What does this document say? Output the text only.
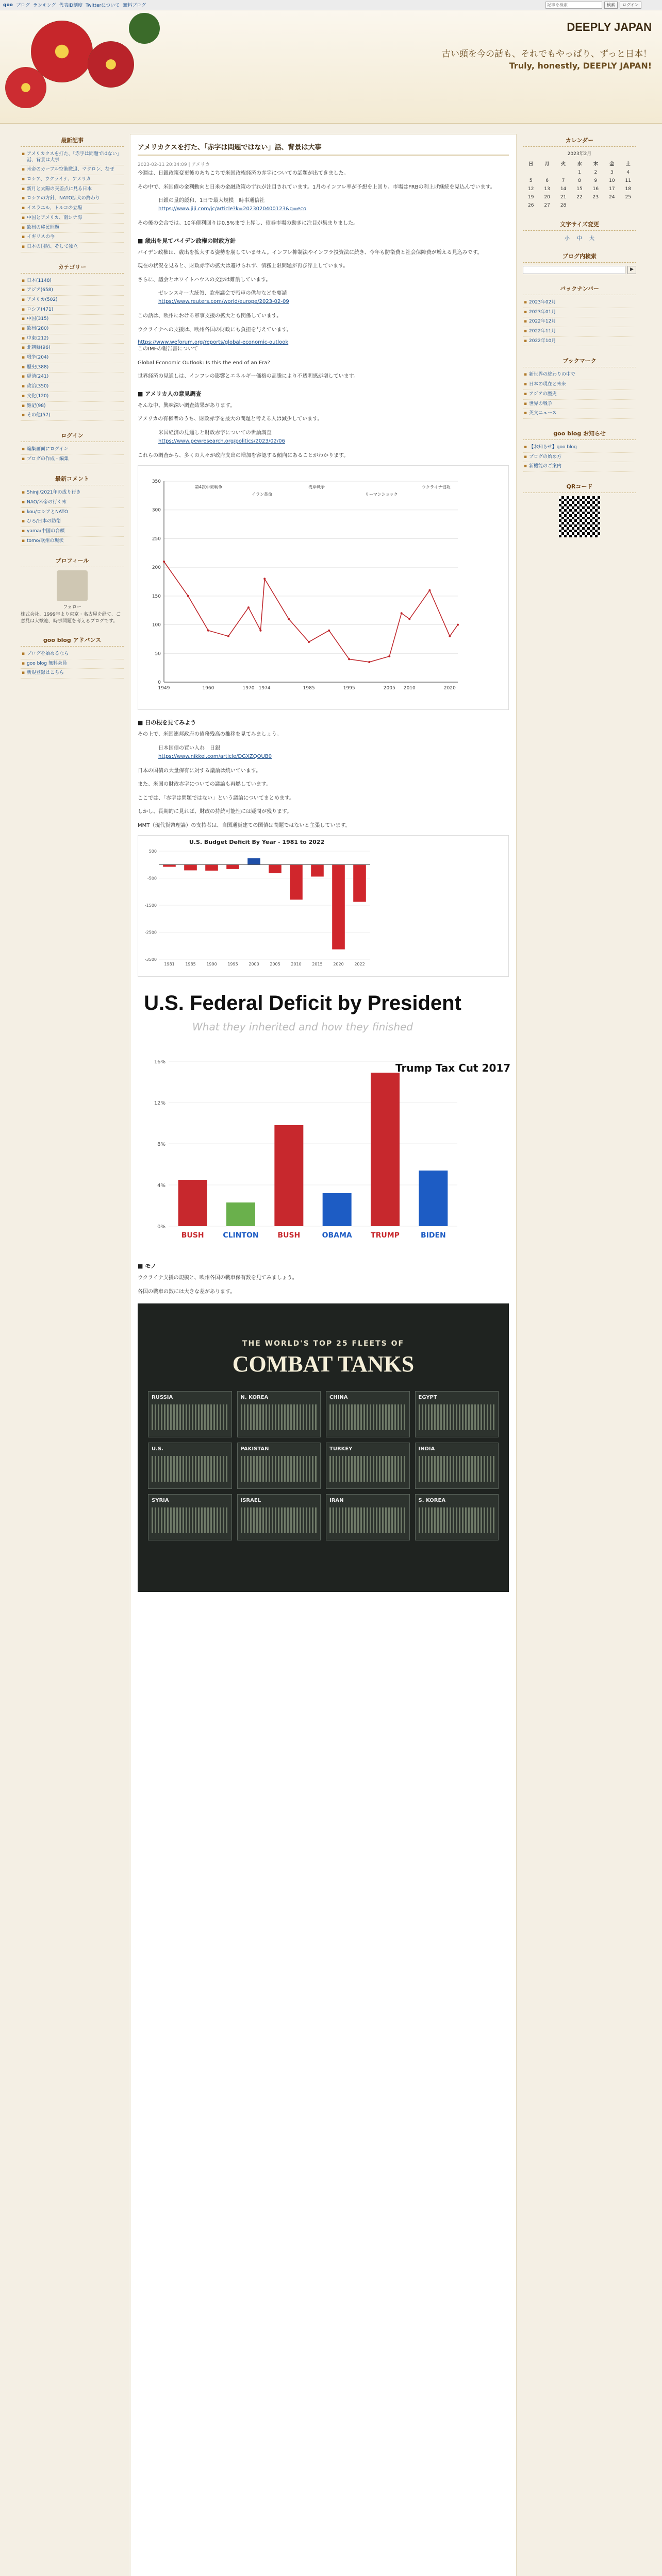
goo ブログ ランキング 代表ID制度 Twitterについて 無料ブログ
記事を検索	検索	ログイン
DEEPLY JAPAN
古い頭を今の話も、それでもやっぱり、ずっと日本！
Truly, honestly, DEEPLY JAPAN!
最新記事
▪ アメリカクスを打た、「赤字は問題ではない」話、背景は大事
▪ 米帝のカーブル空港撤退、マクロン、なぜ
▪ ロシア、ウクライナ、アメリカ
▪ 新月と太陽の交差点に見る日本
▪ ロシアの方針、NATO拡大の終わり
▪ イスラエル、トルコの立場
▪ 中国とアメリカ、南シナ海
▪ 欧州の移民問題
▪ イギリスの今
▪ 日本の国防、そして独立
カテゴリー
▪ 日本(1148)
▪ アジア(658)
▪ アメリカ(502)
▪ ロシア(471)
▪ 中国(315)
▪ 欧州(280)
▪ 中東(212)
▪ 北朝鮮(96)
▪ 戦争(204)
▪ 歴史(388)
▪ 経済(241)
▪ 政治(350)
▪ 文化(120)
▪ 雑記(98)
▪ その他(57)
ログイン
▪ 編集画面にログイン
▪ ブログの作成・編集
最新コメント
▪ Shinji/2021年の成り行き
▪ NAO/米帝の行く末
▪ kou/ロシアとNATO
▪ ひろ/日本の防衛
▪ yama/中国の台頭
▪ tomo/欧州の現状
プロフィール
フォロー
株式会社、1999年より東京・名古屋を経て、ご意見は大歓迎、時事問題を考えるブログです。
goo blog アドバンス
▪ ブログを始めるなら
▪ goo blog 無料会員
▪ 新規登録はこちら
アメリカクスを打た、「赤字は問題ではない」話、背景は大事
2023-02-11 20:34:09 | アメリカ

今週は、日銀政策変更後のあちこちで米国政権経済の赤字についての話題が出てきました。

その中で、米国債の金利動向と日米の金融政策のずれが注目されています。1月のインフレ率が予想を上回り、市場はFRBの利上げ継続を見込んでいます。

日銀の量的緩和、1日で最大規模　時事通信社
https://www.jiji.com/jc/article?k=2023020400123&g=eco

その後の会合では、10年債利回りは0.5%まで上昇し、債券市場の動きに注目が集まりました。

■ 歳出を見てバイデン政権の財政方針

バイデン政権は、歳出を拡大する姿勢を崩していません。インフレ抑制法やインフラ投資法に続き、今年も防衛費と社会保障費が増える見込みです。

現在の状況を見ると、財政赤字の拡大は避けられず、債務上限問題が再び浮上しています。

さらに、議会とホワイトハウスの交渉は難航しています。

ゼレンスキー大統領、欧州議会で戦車の供与などを要請
https://www.reuters.com/world/europe/2023-02-09

この話は、欧州における軍事支援の拡大とも関係しています。

ウクライナへの支援は、欧州各国の財政にも負担を与えています。

https://www.weforum.org/reports/global-economic-outlook

このIMFの報告書について

Global Economic Outlook: Is this the end of an Era?

世界経済の見通しは、インフレの影響とエネルギー価格の高騰により不透明感が増しています。

■ アメリカ人の意見調査

そんな中、興味深い調査結果があります。

アメリカの有権者のうち、財政赤字を最大の問題と考える人は減少しています。

米国経済の見通しと財政赤字についての世論調査
https://www.pewresearch.org/politics/2023/02/06

これらの調査から、多くの人々が政府支出の増加を容認する傾向にあることがわかります。

0
50
100
150
200
250
300
350
1949	1960	1970 1974	1985	1995	2005 2010	2020
第4次中東戦争
イラン革命
湾岸戦争
リーマンショック
ウクライナ侵攻
■ 日の根を見てみよう

その上で、米国連邦政府の債務残高の推移を見てみましょう。

日本国債の買い入れ　日銀
https://www.nikkei.com/article/DGXZQOUB0

日本の国債の大量保有に対する議論は続いています。

また、米国の財政赤字についての議論も再燃しています。

ここでは、「赤字は問題ではない」という議論についてまとめます。

しかし、長期的に見れば、財政の持続可能性には疑問が残ります。

MMT（現代貨幣理論）の支持者は、自国通貨建ての国債は問題ではないと主張しています。

U.S. Budget Deficit By Year - 1981 to 2022
-3500
-2500
-1500
-500
500
1981	1985	1990	1995	2000	2005	2010	2015	2020	2022
U.S. Federal Deficit by President
What they inherited and how they finished
0%
4%
8%
12%
16%
BUSH	CLINTON	BUSH	OBAMA	TRUMP	BIDEN
Trump Tax Cut 2017
■ モノ

ウクライナ支援の規模と、欧州各国の戦車保有数を見てみましょう。

各国の戦車の数には大きな差があります。

THE WORLD'S TOP 25 FLEETS OF
COMBAT TANKS
RUSSIA	N. KOREA	CHINA	EGYPT
U.S.	PAKISTAN	TURKEY	INDIA
SYRIA	ISRAEL	IRAN	S. KOREA
カレンダー
2023年2月
日	月	火	水	木	金	土
			1	2	3	4
5	6	7	8	9	10	11
12	13	14	15	16	17	18
19	20	21	22	23	24	25
26	27	28				
文字サイズ変更
小 中 大
ブログ内検索
▶
バックナンバー
▪ 2023年02月
▪ 2023年01月
▪ 2022年12月
▪ 2022年11月
▪ 2022年10月
ブックマーク
▪ 新世界の終わりの中で
▪ 日本の現在と未来
▪ アジアの歴史
▪ 世界の戦争
▪ 英文ニュース
goo blog お知らせ
▪ 【お知らせ】goo blog
▪ ブログの始め方
▪ 新機能のご案内
QRコード
